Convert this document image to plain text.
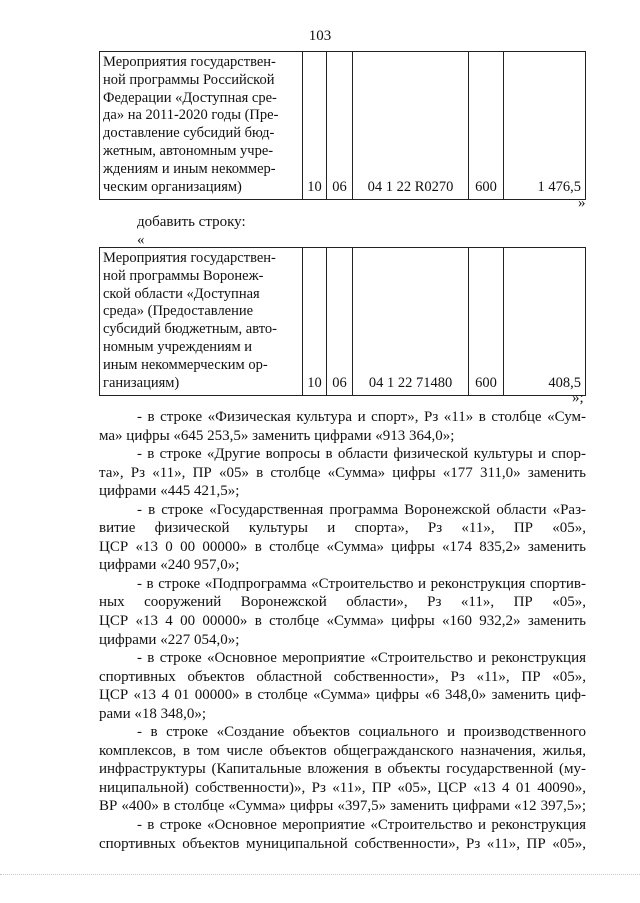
103
Мероприятия государствен-
ной программы Российской
Федерации «Доступная сре-
да» на 2011-2020 годы (Пре-
доставление субсидий бюд-
жетным, автономным учре-
ждениям и иным некоммер-
ческим организациям)	10	06	04 1 22 R0270	600	1 476,5
»
добавить строку:
«
Мероприятия государствен-
ной программы Воронеж-
ской области «Доступная
среда» (Предоставление
субсидий бюджетным, авто-
номным учреждениям и
иным некоммерческим ор-
ганизациям)	10	06	04 1 22 71480	600	408,5
»;
- в строке «Физическая культура и спорт», Рз «11» в столбце «Сум-
ма» цифры «645 253,5» заменить цифрами «913 364,0»;
- в строке «Другие вопросы в области физической культуры и спор-
та», Рз «11», ПР «05» в столбце «Сумма» цифры «177 311,0» заменить
цифрами «445 421,5»;
- в строке «Государственная программа Воронежской области «Раз-
витие физической культуры и спорта», Рз «11», ПР «05»,
ЦСР «13 0 00 00000» в столбце «Сумма» цифры «174 835,2» заменить
цифрами «240 957,0»;
- в строке «Подпрограмма «Строительство и реконструкция спортив-
ных сооружений Воронежской области», Рз «11», ПР «05»,
ЦСР «13 4 00 00000» в столбце «Сумма» цифры «160 932,2» заменить
цифрами «227 054,0»;
- в строке «Основное мероприятие «Строительство и реконструкция
спортивных объектов областной собственности», Рз «11», ПР «05»,
ЦСР «13 4 01 00000» в столбце «Сумма» цифры «6 348,0» заменить циф-
рами «18 348,0»;
- в строке «Создание объектов социального и производственного
комплексов, в том числе объектов общегражданского назначения, жилья,
инфраструктуры (Капитальные вложения в объекты государственной (му-
ниципальной) собственности)», Рз «11», ПР «05», ЦСР «13 4 01 40090»,
ВР «400» в столбце «Сумма» цифры «397,5» заменить цифрами «12 397,5»;
- в строке «Основное мероприятие «Строительство и реконструкция
спортивных объектов муниципальной собственности», Рз «11», ПР «05»,
